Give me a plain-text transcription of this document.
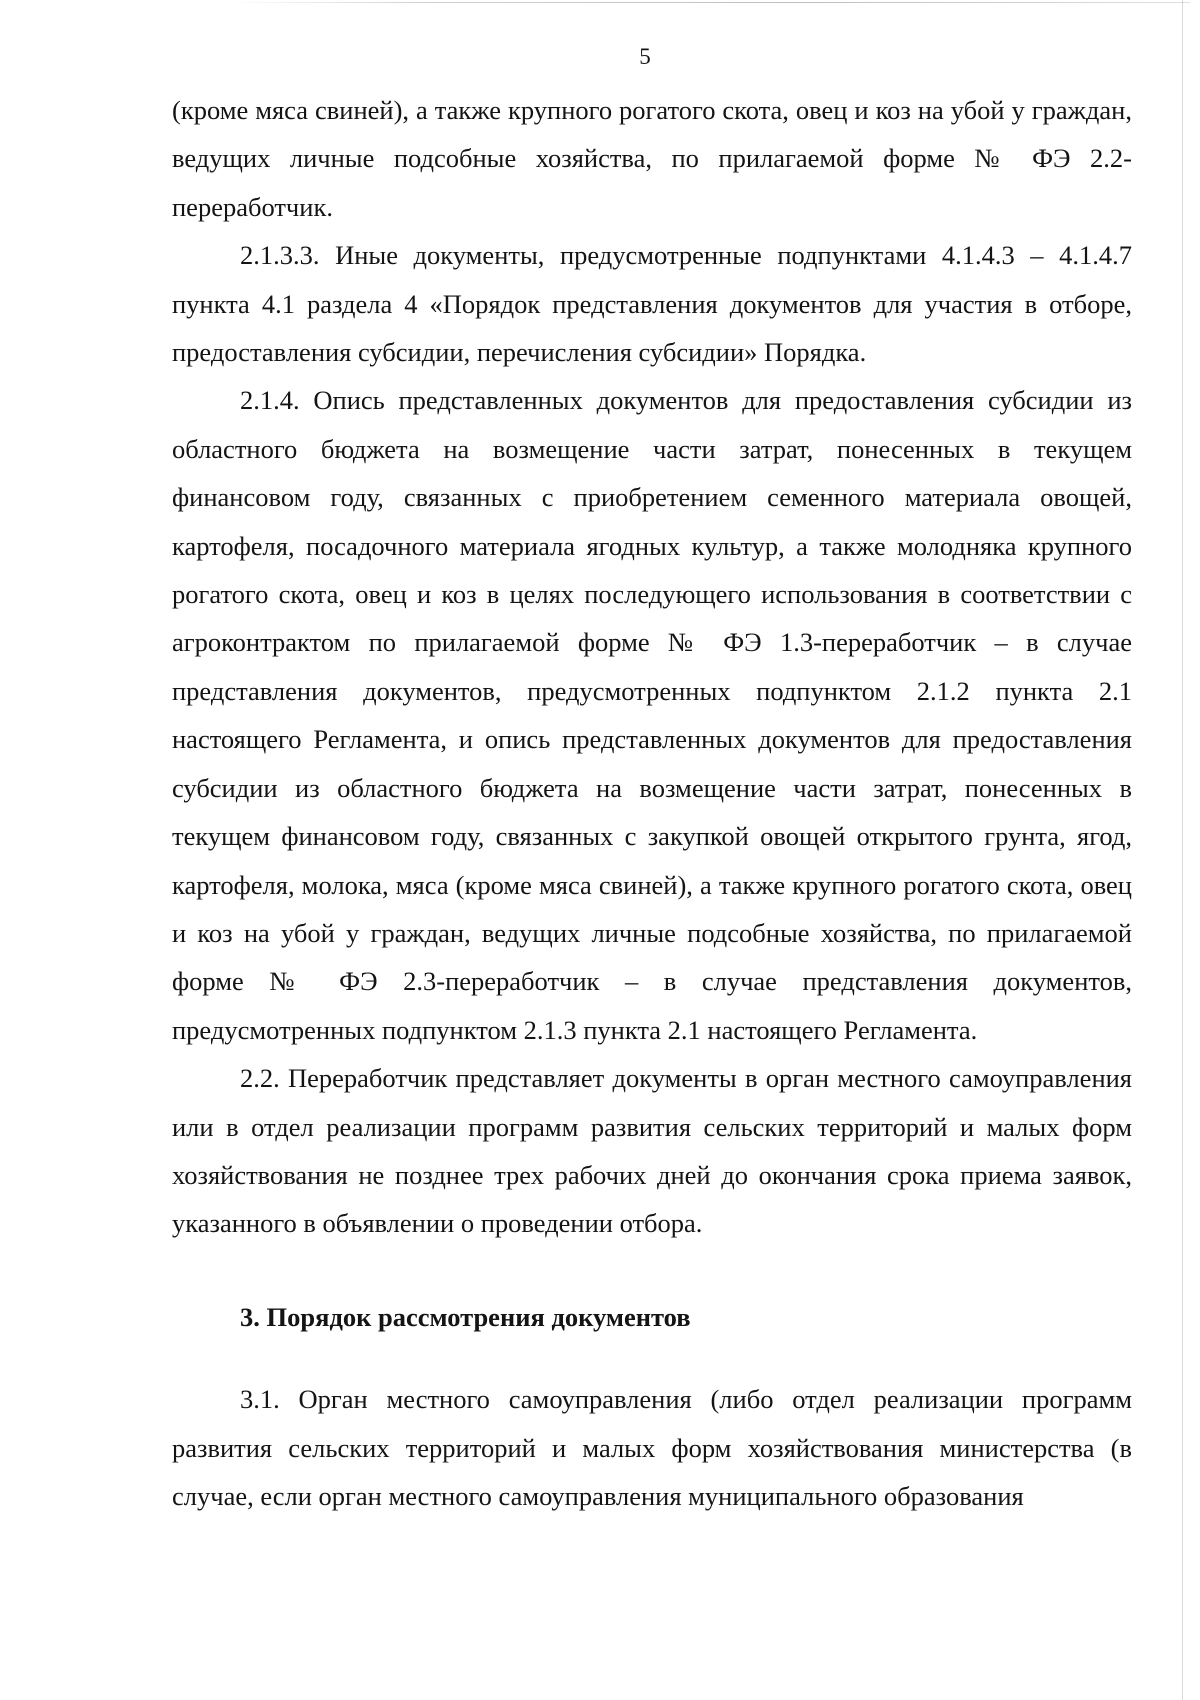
5

(кроме мяса свиней), а также крупного рогатого скота, овец и коз на убой у граждан, ведущих личные подсобные хозяйства, по прилагаемой форме № ФЭ 2.2-переработчик.

2.1.3.3. Иные документы, предусмотренные подпунктами 4.1.4.3 – 4.1.4.7 пункта 4.1 раздела 4 «Порядок представления документов для участия в отборе, предоставления субсидии, перечисления субсидии» Порядка.

2.1.4. Опись представленных документов для предоставления субсидии из областного бюджета на возмещение части затрат, понесенных в текущем финансовом году, связанных с приобретением семенного материала овощей, картофеля, посадочного материала ягодных культур, а также молодняка крупного рогатого скота, овец и коз в целях последующего использования в соответствии с агроконтрактом по прилагаемой форме № ФЭ 1.3-переработчик – в случае представления документов, предусмотренных подпунктом 2.1.2 пункта 2.1 настоящего Регламента, и опись представленных документов для предоставления субсидии из областного бюджета на возмещение части затрат, понесенных в текущем финансовом году, связанных с закупкой овощей открытого грунта, ягод, картофеля, молока, мяса (кроме мяса свиней), а также крупного рогатого скота, овец и коз на убой у граждан, ведущих личные подсобные хозяйства, по прилагаемой форме № ФЭ 2.3-переработчик – в случае представления документов, предусмотренных подпунктом 2.1.3 пункта 2.1 настоящего Регламента.

2.2. Переработчик представляет документы в орган местного самоуправления или в отдел реализации программ развития сельских территорий и малых форм хозяйствования не позднее трех рабочих дней до окончания срока приема заявок, указанного в объявлении о проведении отбора.

3. Порядок рассмотрения документов

3.1. Орган местного самоуправления (либо отдел реализации программ развития сельских территорий и малых форм хозяйствования министерства (в случае, если орган местного самоуправления муниципального образования
